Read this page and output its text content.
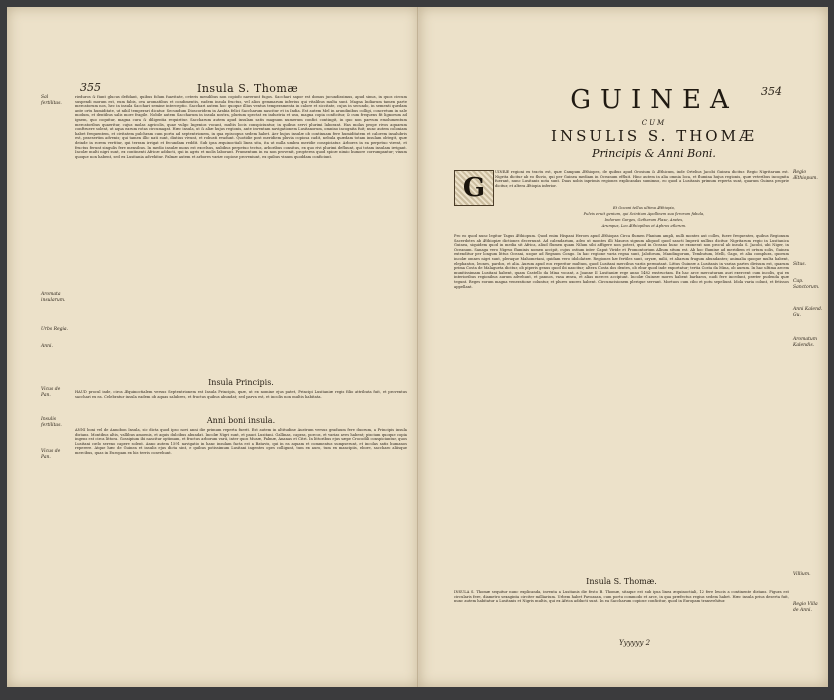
355	Insula S. Thomæ
Sal fertilitas.
Aromata insularum.
Urbs Regia.
Anni.
Vicus de Pan.
Insulis fertilitas.
Vicus de Pan.
rieduros & fiunt glucus defidant, quibus folum fuavitate, ceteris mendibus non copiofo naverunt fugos. Sacchari sapor est domus jucundissimus, apud sinus, in quos circum suspendi morum est, eum fabis, ova aromatibus et condimentis, eadem insula fructus, vel alios gemmarum inferius qui vitalibus multa sunt. Magna Indiarum tamen parte mercatorum nos, hec in insula Sacchari semine interceptio. Sacchari autem hoc quoque illius ventus temperamenta in calore et siccitate, cujus in secundo, in sementi quedam ante ortu humiditate, ut nihil temperari dicatur. Secundum Dioscoridem in Arabia felici Saccharum nascitur et in India. Est autem Mel in arundinibus colligi, concretum in sale modum, et dentibus salis more fragile. Nobile autem Saccharum in insula nostra, plurium spectat ex industria et usu, magna copia conficitur, & cum frequens fit lignorum ad ignem, quo coquitur, magna cura & diligentia requiritur. Saccharum autem apud insulam satis magnum numerum confici contingit, in quo non parvum emolumentum mercatoribus quaeritur, cujus molas agricolis, quae vulgo Ingenios vocant, multis locis conspiciuntur, in quibus servi plurimi laborant. Has molas prope rivos aquarum conftruere solent, ut aqua earum rotas circumagat. Hæc insula, ut & aliæ hujus regionis, ante inventam navigationem Lusitanorum, omnino incognita fuit; nunc autem coloniam habet frequentem, et civitatem pulchram cum portu ad septentrionem, in qua episcopus sedem habet. Aer hujus insulæ ob continuam fere humiditatem et calorem insalubris est, praesertim advenis; qui tamen illic nati sunt, diutius vivunt, et robusti evadunt. Quotidie post meridiem pluvia copiosa cadit, nebula quædam totam insulam obtegit, quæ deinde in rorem vertitur, qui terram irrigat et fecundam reddit. Sub ipsa æquinoctiali linea sita, ita ut nulla umbra meridie conspiciatur. Arbores in ea perpetuo virent, et fructus ferunt singulis fere mensibus. In medio insulæ mons est excelsus, nubibus perpetuo tectus, arboribus consitus, ex quo rivi plurimi defluunt, qui totam insulam irrigant. Incolæ multi nigri sunt, ex continenti Africæ adducti, qui in agris et molis laborant. Frumentum in ea non provenit, propterea quod spicæ nimio humore corrumpantur; vinum quoque non habent, sed ex Lusitania advehitur. Palmæ autem et arbores variæ copiose proveniunt, ex quibus vinum quoddam conficiunt.
Insula Principis.
HAUD procul inde, circa Æquinoctialem versus Septentrionem est Insula Principis, quæ, ut ex nomine ejus patet, Principi Lusitaniæ regis filio attributa fuit, et proventus sacchari ex ea. Celebratur insula eadem ob aquas salubres, et fructus quibus abundat; sed parva est, et incolis non multis habitata.
Anni boni insula.
ANNI boni vel de Annobon Insula, sic dicta quod ipso novi anni die primum reperta fuerit. Est autem in altitudine Austrum versus graduum fere duorum, a Principis insula distans. Montibus altis, vallibus amoenis, et aquis dulcibus abundat. Incolæ Nigri sunt, et pauci Lusitani. Gallinas, capras, porcos, et varias aves habent; piscium quoque copia ingens est circa littora. Gossipium ibi nascitur optimum, et fructus arborum varii, inter quos Musæ, Palmæ, Ananas et Citri. In littoribus ejus sæpe Crocodili conspiciuntur, quos Lusitani cœlo sereno capere solent. Anno autem 1591 navigatio in hanc insulam facta est a Batavis, qui in ea aquam et commeatus sumpserunt, et incolas satis humanos reperere. Atque hæc de Guinea et insulis ejus dicta sint, e quibus potissimum Lusitani ingentes opes colligunt, tum ex auro, tum ex mancipiis, ebore, saccharo aliisque mercibus, quas in Europam ex his terris convehunt.
354
GUINEA
CUM
INSULIS S. THOMÆ
Principis & Anni Boni.
G
UINEÆ regioni ex tractu est, quæ Campum Æthiopes, de quibus apud Orosium & Æthicum, inde Ortelius Jacobi Guinea dicitur. Regio Nigritarum est. Nigrita dicitur ab eo fluvio, qui per Guinea mediam in Oceanum effluit. Hinc autem in alia omnia loca, et flumina hujus regionis, quæ veteribus incognita fuerant, nunc Lusitanis nota sunt. Duas nobis inprimis regiones explicandas sumimus, eo quod a Lusitanis primum reperta sunt, quarum Guinea proprie dicitur, et altera Ætiopia inferior.
Et Oceani tellus ultima Æthiopia,
Pulvis eruit genium, qui Scintium Apollinem sua ferorum fabula,
Indorum Garges, Getharum Plaxe, Arates,
Arumpus, Leo Æthiopibus et Aphros etlerum.
Pro eo quod nunc legitur Tagus Æthiopum. Quod enim Hispani Heroes apud Æthiopas Circa flumen Planium ampli, nulli montes aut colles, fuere frequentes, quibus Regionum Sacerdotes ab Æthiopiæ dictiones decernunt. Ad calendarium, adeo ut montes illi Mauros signum aliquod quod sancti Imperii nullius dicitur. Nigritarum regio in Lusitanica Guinea, siquidem quod in media sit Africa, aliud flumen quam Nilum sibi affigere non potest, quod in Oceano hunc se exonerat non procul ab insula S. Jacobi, ubi Niger, in Oceanum. Sanaga vero Nigrus fluminis nomen accipit, cujus ostium inter Caput Viride et Promontorium Album situm est. Ab hoc flumine ad meridiem et ortum solis, Guinea extenditur per longum littus Oceani, usque ad Regnum Congo. In hac regione varia regna sunt, Jaloforum, Mandingorum, Tembutum, Melli, Gago, et alia complura, quorum incolæ omnes nigri sunt, pleraque Mahometani, quidam vero idololatræ. Regiones hæ fertiles sunt, oryzæ, milii, et aliarum frugum abundantes; animalia quoque multa habent, elephantos, leones, pardos, et alia. Aurum apud eos reperitur multum, quod Lusitani mercibus variis permutant. Littus Guineæ a Lusitanis in varias partes divisum est, quarum prima Costa de Malagueta dicitur, ob piperis genus quod ibi nascitur; altera Costa dos dentes, ob ebur quod inde exportatur; tertia Costa da Mina, ob aurum. In hac ultima arcem munitissimam Lusitani habent, quam Castello da Mina vocant, a Joanne II Lusitaniæ rege anno 1482 exstructam. Ex hac arce mercaturam auri exercent cum incolis, qui ex interioribus regionibus aurum advehunt, et pannos, vasa ænea, et alias merces accipiunt. Incolæ Guineæ mores habent barbaros, nudi fere incedunt, præter pudenda quæ tegunt. Reges eorum magna veneratione coluntur, et plures uxores habent. Circumcisionem plerique servant. Mortuos cum cibo et potu sepeliunt. Idola varia colunt, et fetissos appellant.
Insula S. Thomæ.
INSULA S. Thomæ sequitur nunc explicanda, inventa a Lusitanis die festo B. Thomæ, sitaque est sub ipsa linea æquinoctiali, 12 fere leucis a continente distans. Figura est circularis fere, diametro sexaginta circiter milliarium. Urbem habet Pavoasan, cum portu commodo et arce, in qua præfectus regius sedem habet. Hæc insula prius deserta fuit, nunc autem habitatur a Lusitanis et Nigris multis, qui ex Africa adducti sunt. In ea Saccharum copiose conficitur, quod in Europam transvehitur.
Yyyyyy 2
Regio Æthiopum.
Situs.
Cap. Sanctorum.
Anni Kalend. Gu.
Aromatum Kalendis.
Villium.
Regio Villa de Anni.
